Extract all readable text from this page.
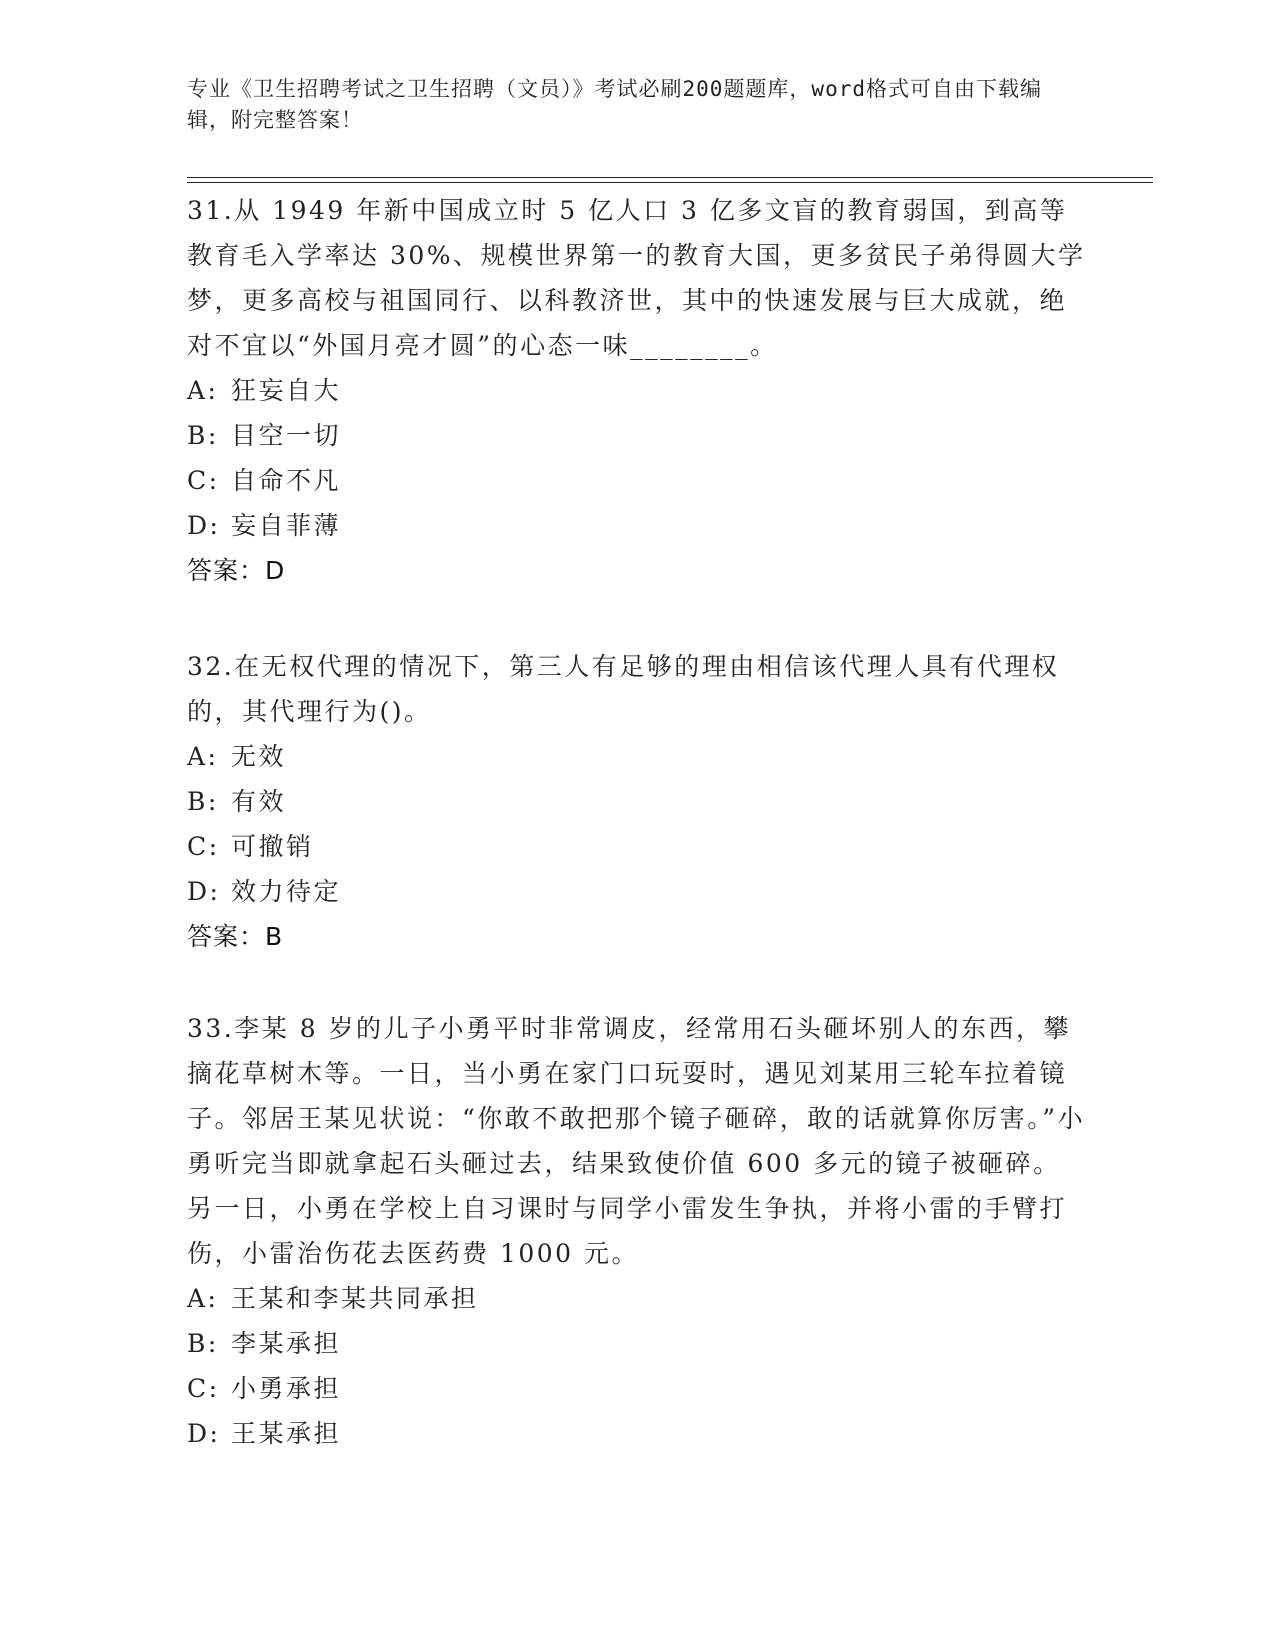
专业《卫生招聘考试之卫生招聘（文员）》考试必刷200题题库，word格式可自由下载编辑，附完整答案！

31.从 1949 年新中国成立时 5 亿人口 3 亿多文盲的教育弱国，到高等教育毛入学率达 30%、规模世界第一的教育大国，更多贫民子弟得圆大学梦，更多高校与祖国同行、以科教济世，其中的快速发展与巨大成就，绝对不宜以“外国月亮才圆”的心态一味________。

A: 狂妄自大

B: 目空一切

C: 自命不凡

D: 妄自菲薄

答案：D

32.在无权代理的情况下，第三人有足够的理由相信该代理人具有代理权的，其代理行为()。

A: 无效

B: 有效

C: 可撤销

D: 效力待定

答案：B

33.李某 8 岁的儿子小勇平时非常调皮，经常用石头砸坏别人的东西，攀摘花草树木等。一日，当小勇在家门口玩耍时，遇见刘某用三轮车拉着镜子。邻居王某见状说：“你敢不敢把那个镜子砸碎，敢的话就算你厉害。”小勇听完当即就拿起石头砸过去，结果致使价值 600 多元的镜子被砸碎。另一日，小勇在学校上自习课时与同学小雷发生争执，并将小雷的手臂打伤，小雷治伤花去医药费 1000 元。

A: 王某和李某共同承担

B: 李某承担

C: 小勇承担

D: 王某承担
